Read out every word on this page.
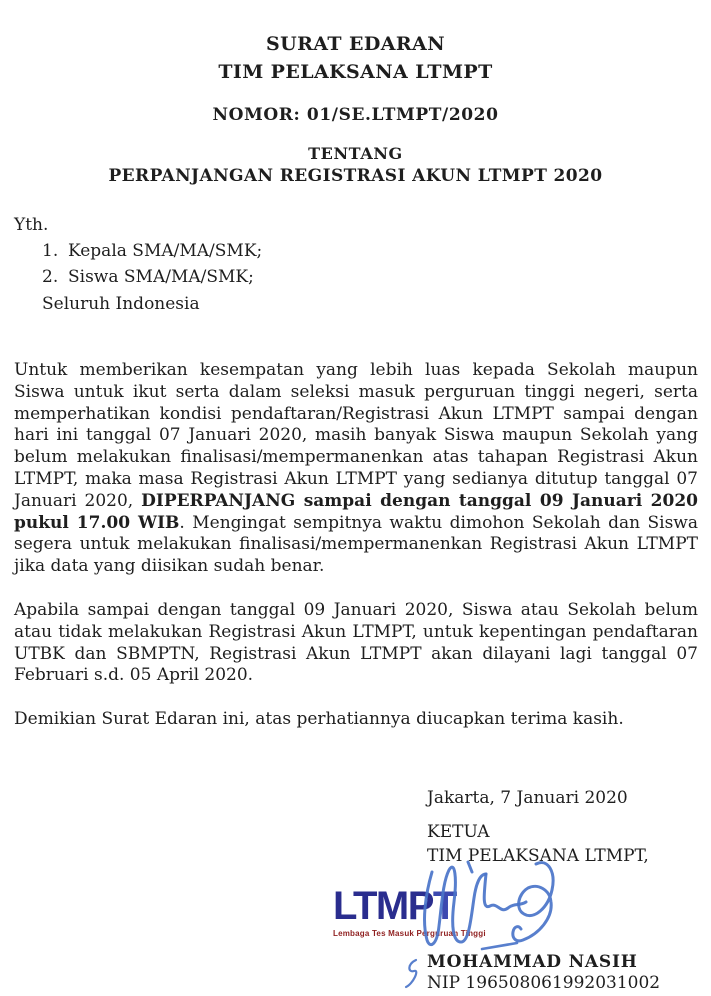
SURAT EDARAN
TIM PELAKSANA LTMPT
NOMOR: 01/SE.LTMPT/2020
TENTANG
PERPANJANGAN REGISTRASI AKUN LTMPT 2020
Yth.
1. Kepala SMA/MA/SMK;
2. Siswa SMA/MA/SMK;
Seluruh Indonesia

Untuk memberikan kesempatan yang lebih luas kepada Sekolah maupun Siswa untuk ikut serta dalam seleksi masuk perguruan tinggi negeri, serta memperhatikan kondisi pendaftaran/Registrasi Akun LTMPT sampai dengan hari ini tanggal 07 Januari 2020, masih banyak Siswa maupun Sekolah yang belum melakukan finalisasi/mempermanenkan atas tahapan Registrasi Akun LTMPT, maka masa Registrasi Akun LTMPT yang sedianya ditutup tanggal 07 Januari 2020, DIPERPANJANG sampai dengan tanggal 09 Januari 2020 pukul 17.00 WIB. Mengingat sempitnya waktu dimohon Sekolah dan Siswa segera untuk melakukan finalisasi/mempermanenkan Registrasi Akun LTMPT jika data yang diisikan sudah benar.

Apabila sampai dengan tanggal 09 Januari 2020, Siswa atau Sekolah belum atau tidak melakukan Registrasi Akun LTMPT, untuk kepentingan pendaftaran UTBK dan SBMPTN, Registrasi Akun LTMPT akan dilayani lagi tanggal 07 Februari s.d. 05 April 2020.

Demikian Surat Edaran ini, atas perhatiannya diucapkan terima kasih.

Jakarta, 7 Januari 2020
KETUA
TIM PELAKSANA LTMPT,
LTMPT
Lembaga Tes Masuk Perguruan Tinggi
MOHAMMAD NASIH
NIP 196508061992031002
